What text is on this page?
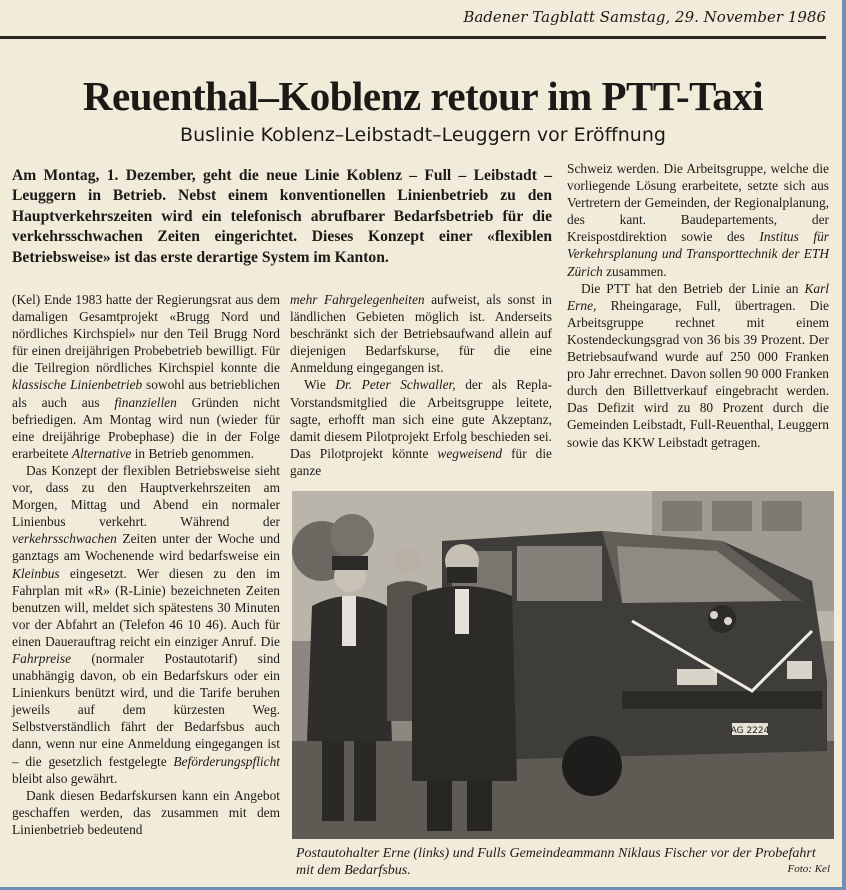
Badener Tagblatt Samstag, 29. November 1986
Reuenthal–Koblenz retour im PTT-Taxi
Buslinie Koblenz–Leibstadt–Leuggern vor Eröffnung
Am Montag, 1. Dezember, geht die neue Linie Koblenz – Full – Leibstadt – Leuggern in Betrieb. Nebst einem konventionellen Linienbetrieb zu den Hauptverkehrszeiten wird ein telefonisch abrufbarer Bedarfsbetrieb für die verkehrsschwachen Zeiten eingerichtet. Dieses Konzept einer «flexiblen Betriebsweise» ist das erste derartige System im Kanton.

(Kel) Ende 1983 hatte der Regierungsrat aus dem damaligen Gesamtprojekt «Brugg Nord und nördliches Kirchspiel» nur den Teil Brugg Nord für einen dreijährigen Probebetrieb bewilligt. Für die Teilregion nördliches Kirchspiel konnte die klassische Linienbetrieb sowohl aus betrieblichen als auch aus finanziellen Gründen nicht befriedigen. Am Montag wird nun (wieder für eine dreijährige Probephase) die in der Folge erarbeitete Alternative in Betrieb genommen.

Das Konzept der flexiblen Betriebsweise sieht vor, dass zu den Hauptverkehrszeiten am Morgen, Mittag und Abend ein normaler Linienbus verkehrt. Während der verkehrsschwachen Zeiten unter der Woche und ganztags am Wochenende wird bedarfsweise ein Kleinbus eingesetzt. Wer diesen zu den im Fahrplan mit «R» (R-Linie) bezeichneten Zeiten benutzen will, meldet sich spätestens 30 Minuten vor der Abfahrt an (Telefon 46 10 46). Auch für einen Dauerauftrag reicht ein einziger Anruf. Die Fahrpreise (normaler Postautotarif) sind unabhängig davon, ob ein Bedarfskurs oder ein Linienkurs benützt wird, und die Tarife beruhen jeweils auf dem kürzesten Weg. Selbstverständlich fährt der Bedarfsbus auch dann, wenn nur eine Anmeldung eingegangen ist – die gesetzlich festgelegte Beförderungspflicht bleibt also gewährt.

Dank diesen Bedarfskursen kann ein Angebot geschaffen werden, das zusammen mit dem Linienbetrieb bedeutend

mehr Fahrgelegenheiten aufweist, als sonst in ländlichen Gebieten möglich ist. Anderseits beschränkt sich der Betriebsaufwand allein auf diejenigen Bedarfskurse, für die eine Anmeldung eingegangen ist.

Wie Dr. Peter Schwaller, der als Repla-Vorstandsmitglied die Arbeitsgruppe leitete, sagte, erhofft man sich eine gute Akzeptanz, damit diesem Pilotprojekt Erfolg beschieden sei. Das Pilotprojekt könnte wegweisend für die ganze

Schweiz werden. Die Arbeitsgruppe, welche die vorliegende Lösung erarbeitete, setzte sich aus Vertretern der Gemeinden, der Regionalplanung, des kant. Baudepartements, der Kreispostdirektion sowie des Institus für Verkehrsplanung und Transporttechnik der ETH Zürich zusammen.

Die PTT hat den Betrieb der Linie an Karl Erne, Rheingarage, Full, übertragen. Die Arbeitsgruppe rechnet mit einem Kostendeckungsgrad von 36 bis 39 Prozent. Der Betriebsaufwand wurde auf 250 000 Franken pro Jahr errechnet. Davon sollen 90 000 Franken durch den Billettverkauf eingebracht werden. Das Defizit wird zu 80 Prozent durch die Gemeinden Leibstadt, Full-Reuenthal, Leuggern sowie das KKW Leibstadt getragen.

AG 2224
Postautohalter Erne (links) und Fulls Gemeindeammann Niklaus Fischer vor der Probefahrt mit dem Bedarfsbus.	Foto: Kel
